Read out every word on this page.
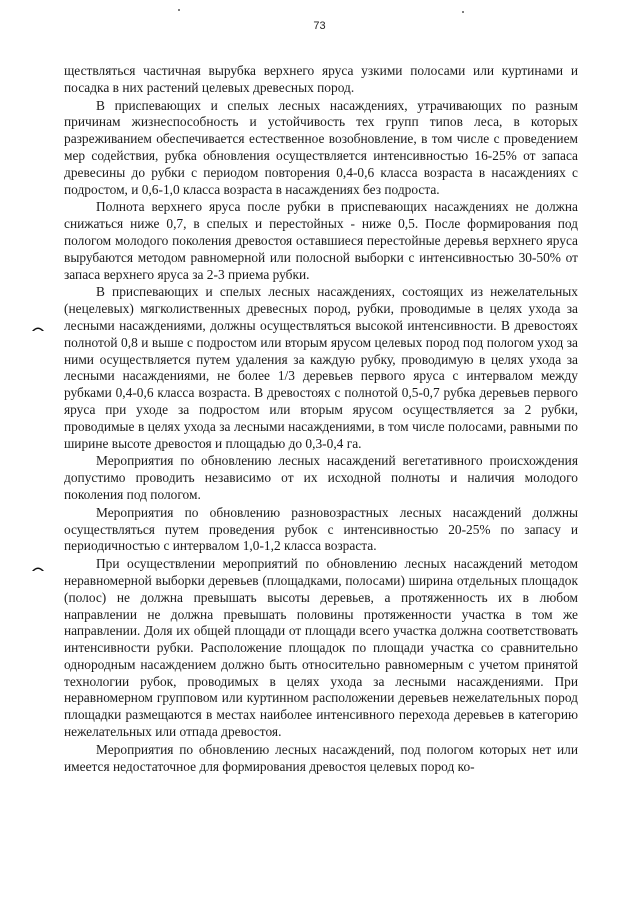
73

ществляться частичная вырубка верхнего яруса узкими полосами или куртинами и посадка в них растений целевых древесных пород.

В приспевающих и спелых лесных насаждениях, утрачивающих по разным причинам жизнеспособность и устойчивость тех групп типов леса, в которых разреживанием обеспечивается естественное возобновление, в том числе с проведением мер содействия, рубка обновления осуществляется интенсивностью 16-25% от запаса древесины до рубки с периодом повторения 0,4-0,6 класса возраста в насаждениях с подростом, и 0,6-1,0 класса возраста в насаждениях без подроста.

Полнота верхнего яруса после рубки в приспевающих насаждениях не должна снижаться ниже 0,7, в спелых и перестойных - ниже 0,5. После формирования под пологом молодого поколения древостоя оставшиеся перестойные деревья верхнего яруса вырубаются методом равномерной или полосной выборки с интенсивностью 30-50% от запаса верхнего яруса за 2-3 приема рубки.

В приспевающих и спелых лесных насаждениях, состоящих из нежелательных (нецелевых) мягколиственных древесных пород, рубки, проводимые в целях ухода за лесными насаждениями, должны осуществляться высокой интенсивности. В древостоях полнотой 0,8 и выше с подростом или вторым ярусом целевых пород под пологом уход за ними осуществляется путем удаления за каждую рубку, проводимую в целях ухода за лесными насаждениями, не более 1/3 деревьев первого яруса с интервалом между рубками 0,4-0,6 класса возраста. В древостоях с полнотой 0,5-0,7 рубка деревьев первого яруса при уходе за подростом или вторым ярусом осуществляется за 2 рубки, проводимые в целях ухода за лесными насаждениями, в том числе полосами, равными по ширине высоте древостоя и площадью до 0,3-0,4 га.

Мероприятия по обновлению лесных насаждений вегетативного происхождения допустимо проводить независимо от их исходной полноты и наличия молодого поколения под пологом.

Мероприятия по обновлению разновозрастных лесных насаждений должны осуществляться путем проведения рубок с интенсивностью 20-25% по запасу и периодичностью с интервалом 1,0-1,2 класса возраста.

При осуществлении мероприятий по обновлению лесных насаждений методом неравномерной выборки деревьев (площадками, полосами) ширина отдельных площадок (полос) не должна превышать высоты деревьев, а протяженность их в любом направлении не должна превышать половины протяженности участка в том же направлении. Доля их общей площади от площади всего участка должна соответствовать интенсивности рубки. Расположение площадок по площади участка со сравнительно однородным насаждением должно быть относительно равномерным с учетом принятой технологии рубок, проводимых в целях ухода за лесными насаждениями. При неравномерном групповом или куртинном расположении деревьев нежелательных пород площадки размещаются в местах наиболее интенсивного перехода деревьев в категорию нежелательных или отпада древостоя.

Мероприятия по обновлению лесных насаждений, под пологом которых нет или имеется недостаточное для формирования древостоя целевых пород ко-
